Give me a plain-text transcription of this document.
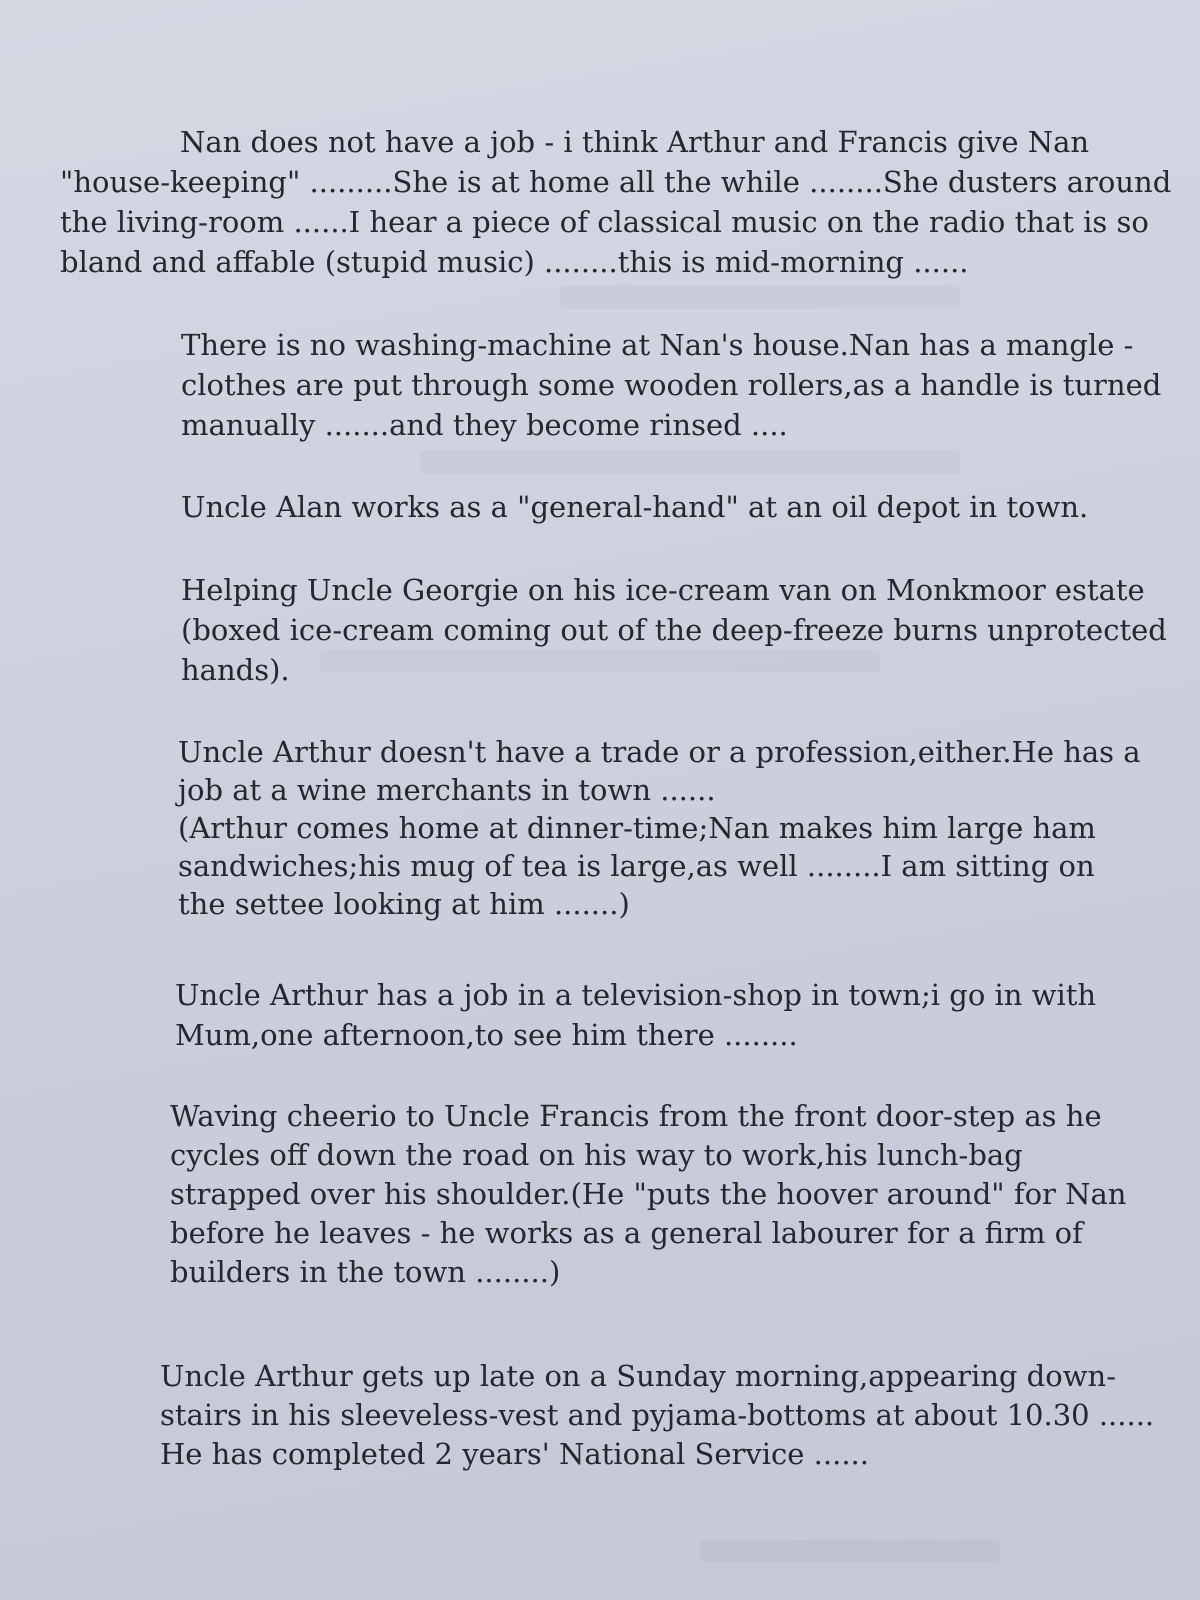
Nan does not have a job - i think Arthur and Francis give Nan
"house-keeping" .........She is at home all the while ........She dusters around
the living-room ......I hear a piece of classical music on the radio that is so
bland and affable (stupid music) ........this is mid-morning ......
There is no washing-machine at Nan's house.Nan has a mangle -
clothes are put through some wooden rollers,as a handle is turned
manually .......and they become rinsed ....
Uncle Alan works as a "general-hand" at an oil depot in town.
Helping Uncle Georgie on his ice-cream van on Monkmoor estate
(boxed ice-cream coming out of the deep-freeze burns unprotected
hands).
Uncle Arthur doesn't have a trade or a profession,either.He has a
job at a wine merchants in town ......
(Arthur comes home at dinner-time;Nan makes him large ham
sandwiches;his mug of tea is large,as well ........I am sitting on
the settee looking at him .......)
Uncle Arthur has a job in a television-shop in town;i go in with
Mum,one afternoon,to see him there ........
Waving cheerio to Uncle Francis from the front door-step as he
cycles off down the road on his way to work,his lunch-bag
strapped over his shoulder.(He "puts the hoover around" for Nan
before he leaves - he works as a general labourer for a firm of
builders in the town ........)
Uncle Arthur gets up late on a Sunday morning,appearing down-
stairs in his sleeveless-vest and pyjama-bottoms at about 10.30 ......
He has completed 2 years' National Service ......
